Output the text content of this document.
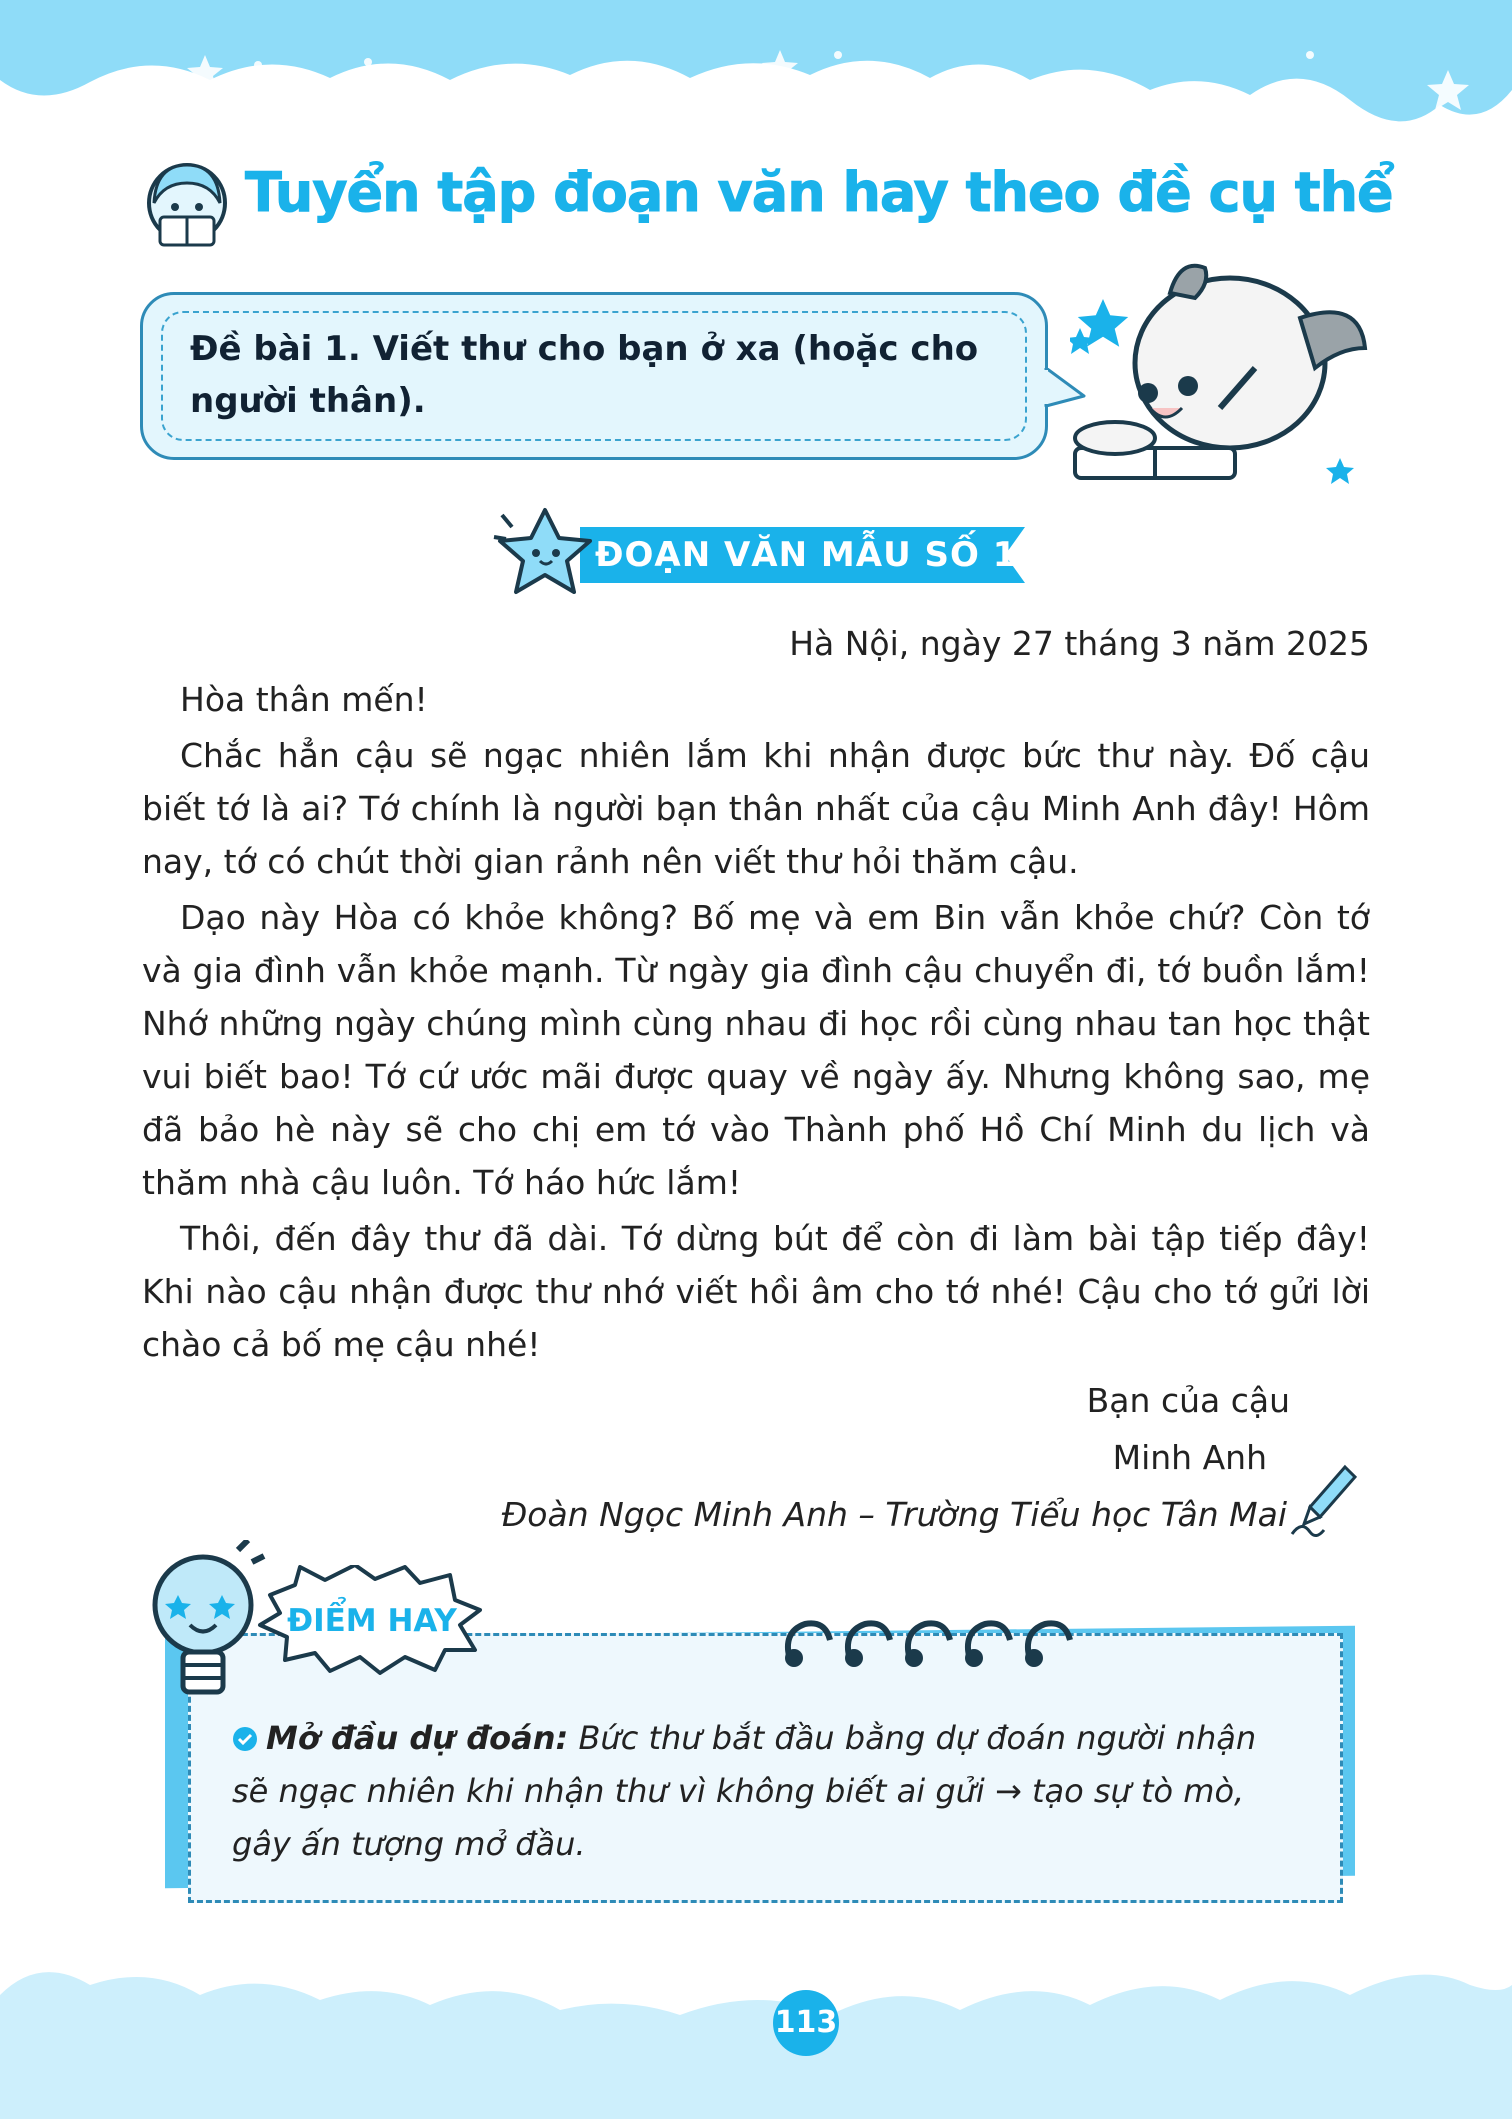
Tuyển tập đoạn văn hay theo đề cụ thể
Đề bài 1. Viết thư cho bạn ở xa (hoặc cho người thân).
ĐOẠN VĂN MẪU SỐ 1
Hà Nội, ngày 27 tháng 3 năm 2025
Hòa thân mến!
Chắc hẳn cậu sẽ ngạc nhiên lắm khi nhận được bức thư này. Đố cậu biết tớ là ai? Tớ chính là người bạn thân nhất của cậu Minh Anh đây! Hôm nay, tớ có chút thời gian rảnh nên viết thư hỏi thăm cậu.
Dạo này Hòa có khỏe không? Bố mẹ và em Bin vẫn khỏe chứ? Còn tớ và gia đình vẫn khỏe mạnh. Từ ngày gia đình cậu chuyển đi, tớ buồn lắm! Nhớ những ngày chúng mình cùng nhau đi học rồi cùng nhau tan học thật vui biết bao! Tớ cứ ước mãi được quay về ngày ấy. Nhưng không sao, mẹ đã bảo hè này sẽ cho chị em tớ vào Thành phố Hồ Chí Minh du lịch và thăm nhà cậu luôn. Tớ háo hức lắm!
Thôi, đến đây thư đã dài. Tớ dừng bút để còn đi làm bài tập tiếp đây! Khi nào cậu nhận được thư nhớ viết hồi âm cho tớ nhé! Cậu cho tớ gửi lời chào cả bố mẹ cậu nhé!
Bạn của cậu
Minh Anh
Đoàn Ngọc Minh Anh – Trường Tiểu học Tân Mai
ĐIỂM HAY
Mở đầu dự đoán: Bức thư bắt đầu bằng dự đoán người nhận sẽ ngạc nhiên khi nhận thư vì không biết ai gửi → tạo sự tò mò, gây ấn tượng mở đầu.
113
